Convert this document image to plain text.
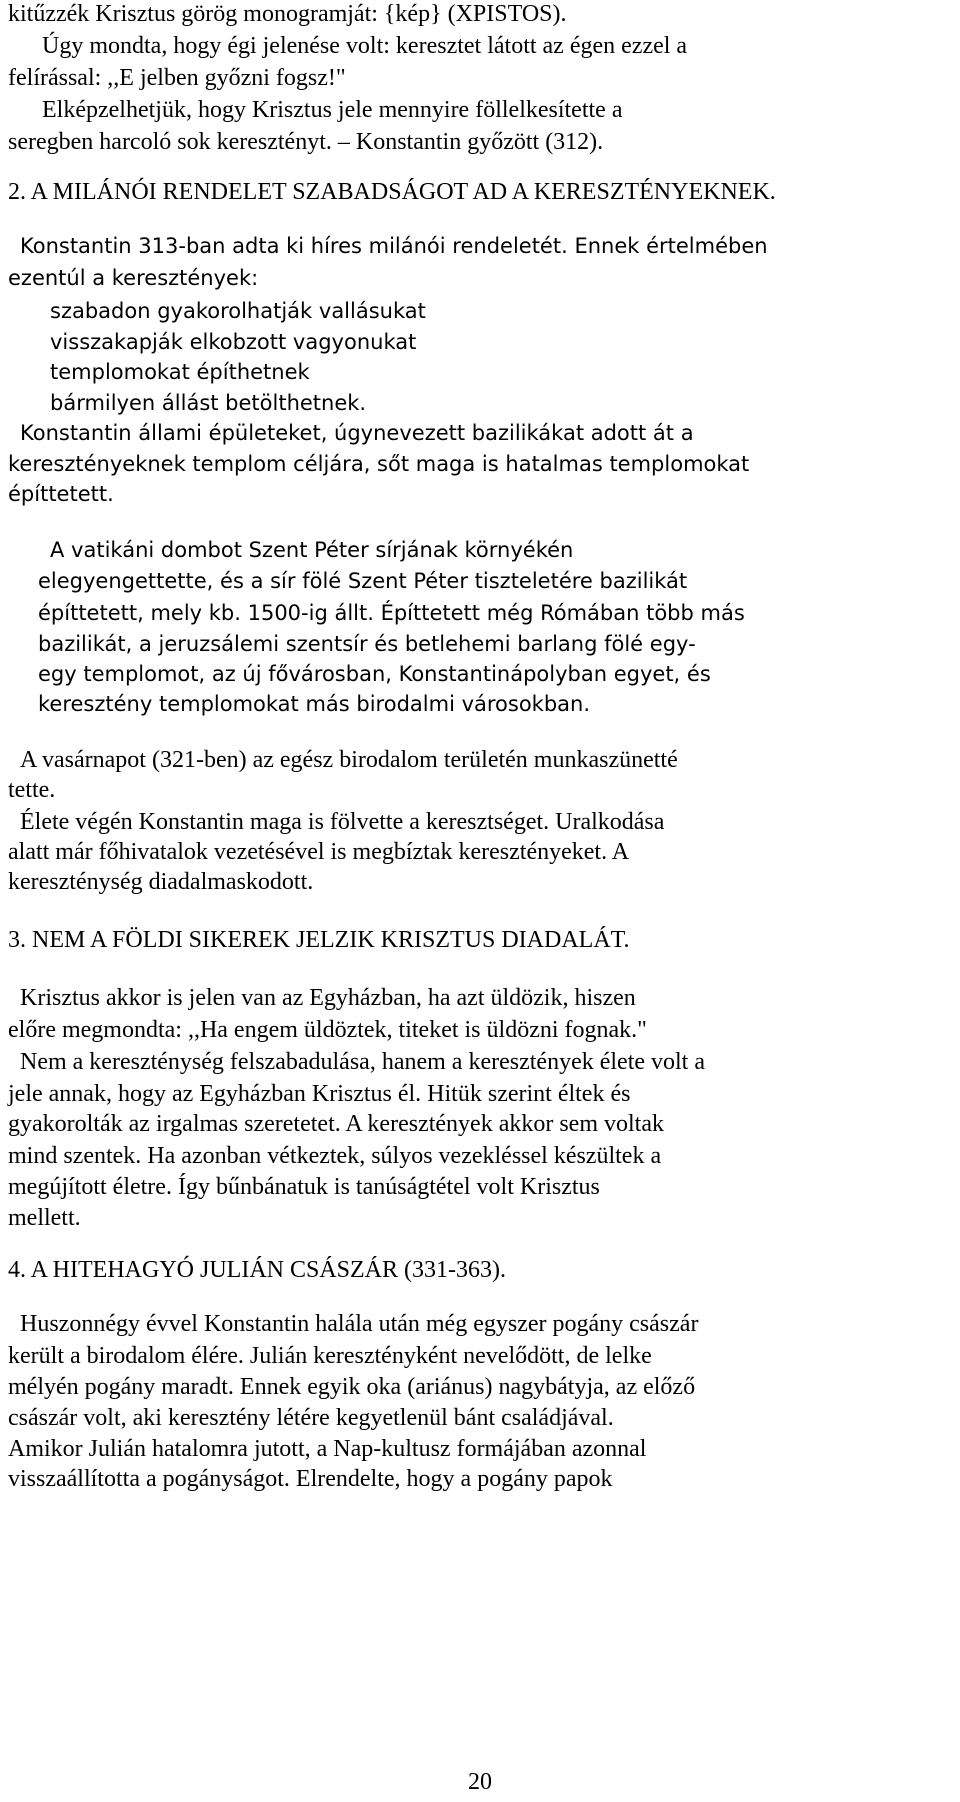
kitűzzék Krisztus görög monogramját: {kép} (XPISTOS).

Úgy mondta, hogy égi jelenése volt: keresztet látott az égen ezzel a

felírással: ,,E jelben győzni fogsz!"

Elképzelhetjük, hogy Krisztus jele mennyire föllelkesítette a

seregben harcoló sok keresztényt. – Konstantin győzött (312).

2. A MILÁNÓI RENDELET SZABADSÁGOT AD A KERESZTÉNYEKNEK.

Konstantin 313-ban adta ki híres milánói rendeletét. Ennek értelmében

ezentúl a keresztények:

szabadon gyakorolhatják vallásukat

visszakapják elkobzott vagyonukat

templomokat építhetnek

bármilyen állást betölthetnek.

Konstantin állami épületeket, úgynevezett bazilikákat adott át a

keresztényeknek templom céljára, sőt maga is hatalmas templomokat

építtetett.

A vatikáni dombot Szent Péter sírjának környékén

elegyengettette, és a sír fölé Szent Péter tiszteletére bazilikát

építtetett, mely kb. 1500-ig állt. Építtetett még Rómában több más

bazilikát, a jeruzsálemi szentsír és betlehemi barlang fölé egy-

egy templomot, az új fővárosban, Konstantinápolyban egyet, és

keresztény templomokat más birodalmi városokban.

A vasárnapot (321-ben) az egész birodalom területén munkaszünetté

tette.

Élete végén Konstantin maga is fölvette a keresztséget. Uralkodása

alatt már főhivatalok vezetésével is megbíztak keresztényeket. A

kereszténység diadalmaskodott.

3. NEM A FÖLDI SIKEREK JELZIK KRISZTUS DIADALÁT.

Krisztus akkor is jelen van az Egyházban, ha azt üldözik, hiszen

előre megmondta: ,,Ha engem üldöztek, titeket is üldözni fognak."

Nem a kereszténység felszabadulása, hanem a keresztények élete volt a

jele annak, hogy az Egyházban Krisztus él. Hitük szerint éltek és

gyakorolták az irgalmas szeretetet. A keresztények akkor sem voltak

mind szentek. Ha azonban vétkeztek, súlyos vezekléssel készültek a

megújított életre. Így bűnbánatuk is tanúságtétel volt Krisztus

mellett.

4. A HITEHAGYÓ JULIÁN CSÁSZÁR (331-363).

Huszonnégy évvel Konstantin halála után még egyszer pogány császár

került a birodalom élére. Julián keresztényként nevelődött, de lelke

mélyén pogány maradt. Ennek egyik oka (ariánus) nagybátyja, az előző

császár volt, aki keresztény létére kegyetlenül bánt családjával.

Amikor Julián hatalomra jutott, a Nap-kultusz formájában azonnal

visszaállította a pogányságot. Elrendelte, hogy a pogány papok

20
